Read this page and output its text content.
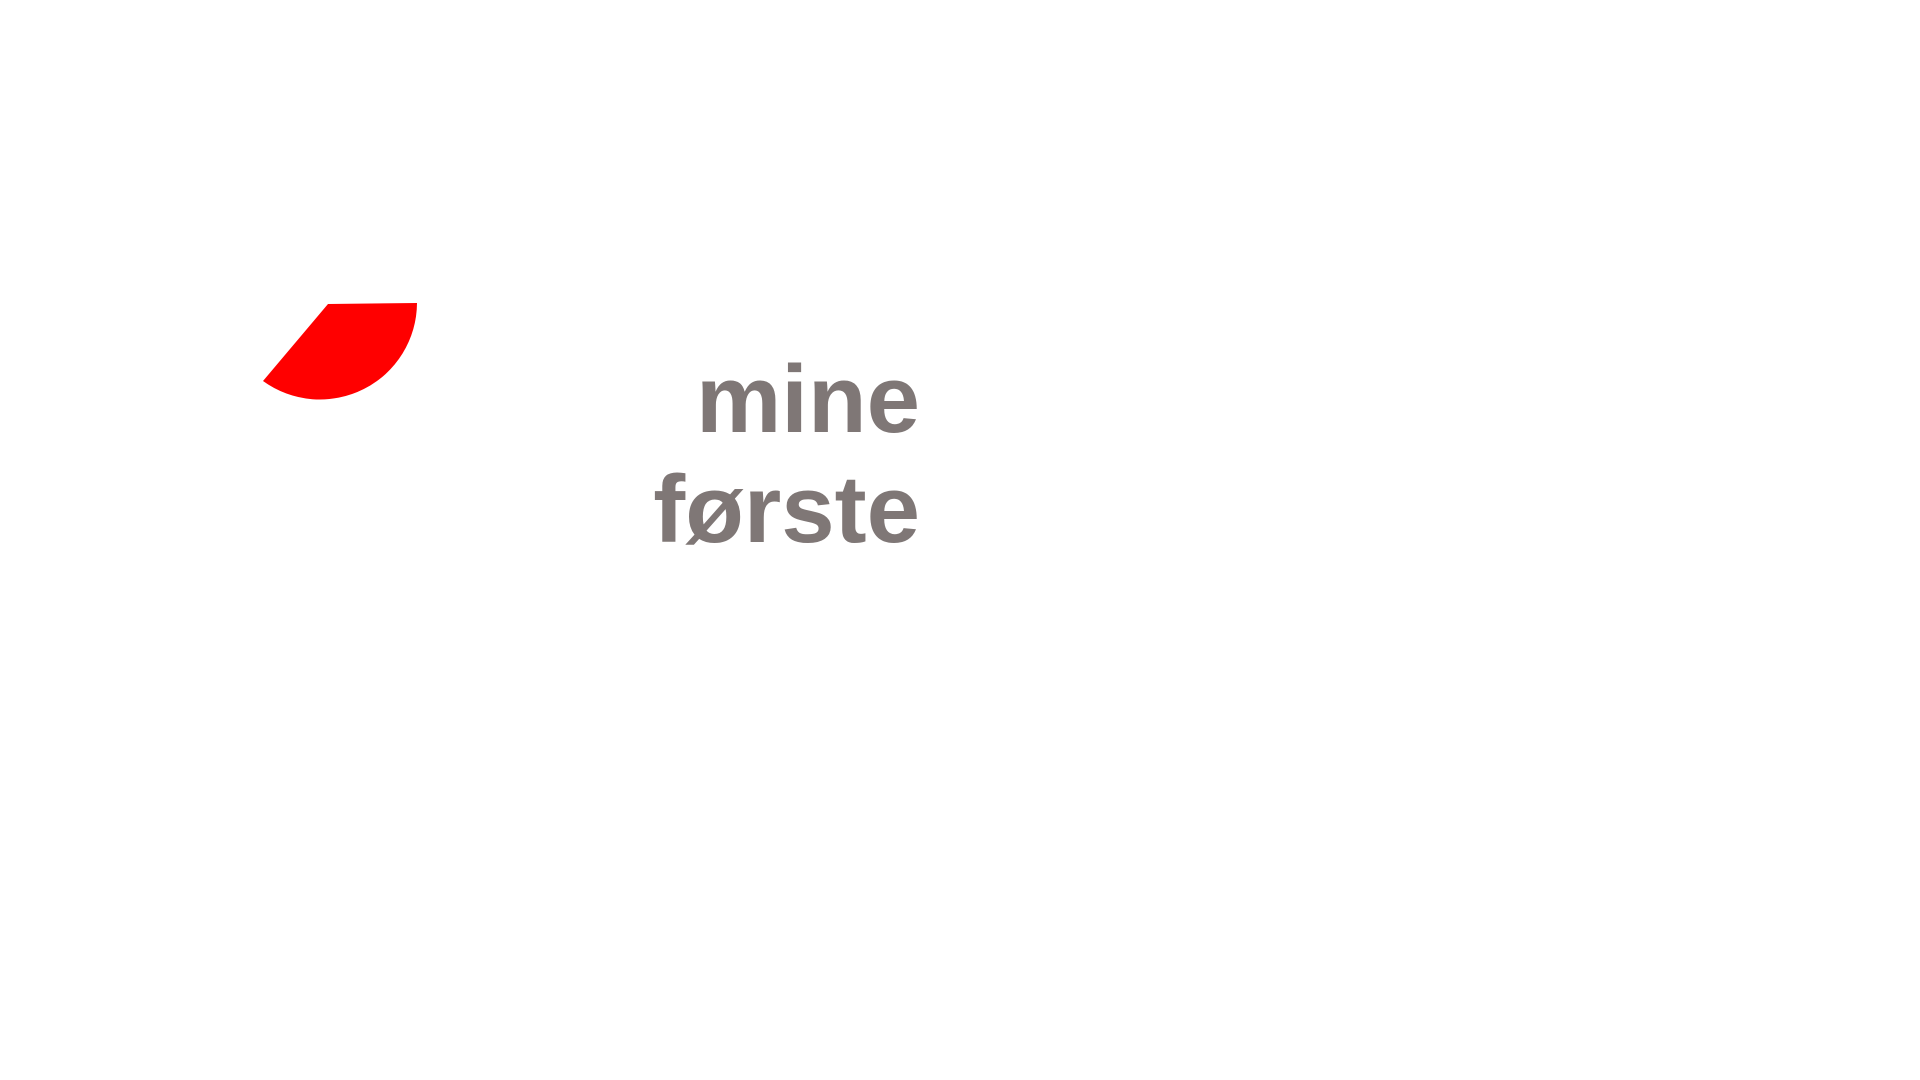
mine
første
